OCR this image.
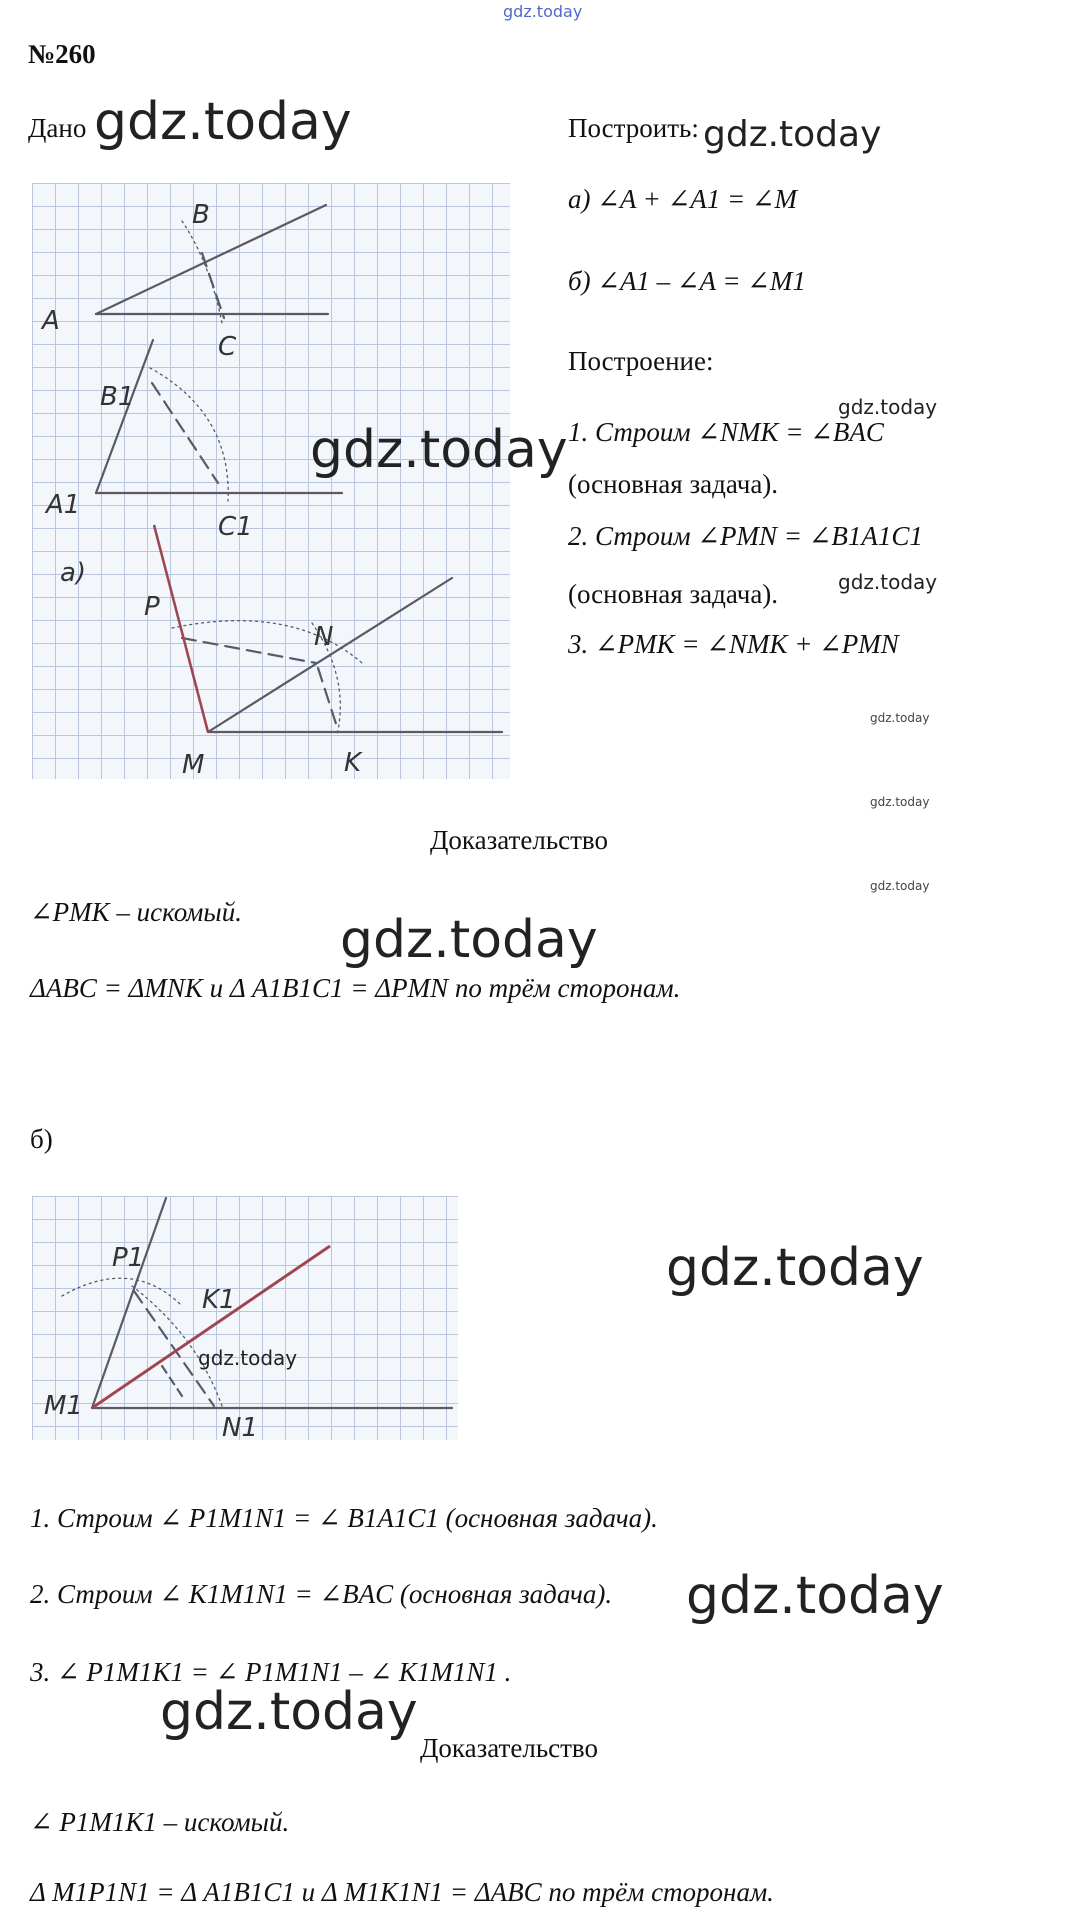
gdz.today
№260
Дано gdz.today	Построить: gdz.today
а) ∠A + ∠A1 = ∠M
б) ∠A1 – ∠A = ∠M1
Построение:
gdz.today
1. Строим ∠NMK = ∠BAC
(основная задача).
2. Строим ∠PMN = ∠B1A1C1
gdz.today
(основная задача).
3. ∠PMK = ∠NMK + ∠PMN
gdz.today
gdz.today
gdz.today
B
A
C
B1
A1
C1
а)
P
N
M	K
gdz.today
Доказательство
∠PMK – искомый. gdz.today
ΔABC = ΔMNK и Δ A1B1C1 = ΔPMN по трём сторонам.
б)
P1
K1
M1
N1
gdz.today
gdz.today
1. Строим ∠ P1M1N1 = ∠ B1A1C1 (основная задача).
2. Строим ∠ K1M1N1 = ∠BAC (основная задача). gdz.today
3. ∠ P1M1K1 = ∠ P1M1N1 – ∠ K1M1N1 .
gdz.today
Доказательство
∠ P1M1K1 – искомый.
Δ M1P1N1 = Δ A1B1C1 и Δ M1K1N1 = ΔABC по трём сторонам.
